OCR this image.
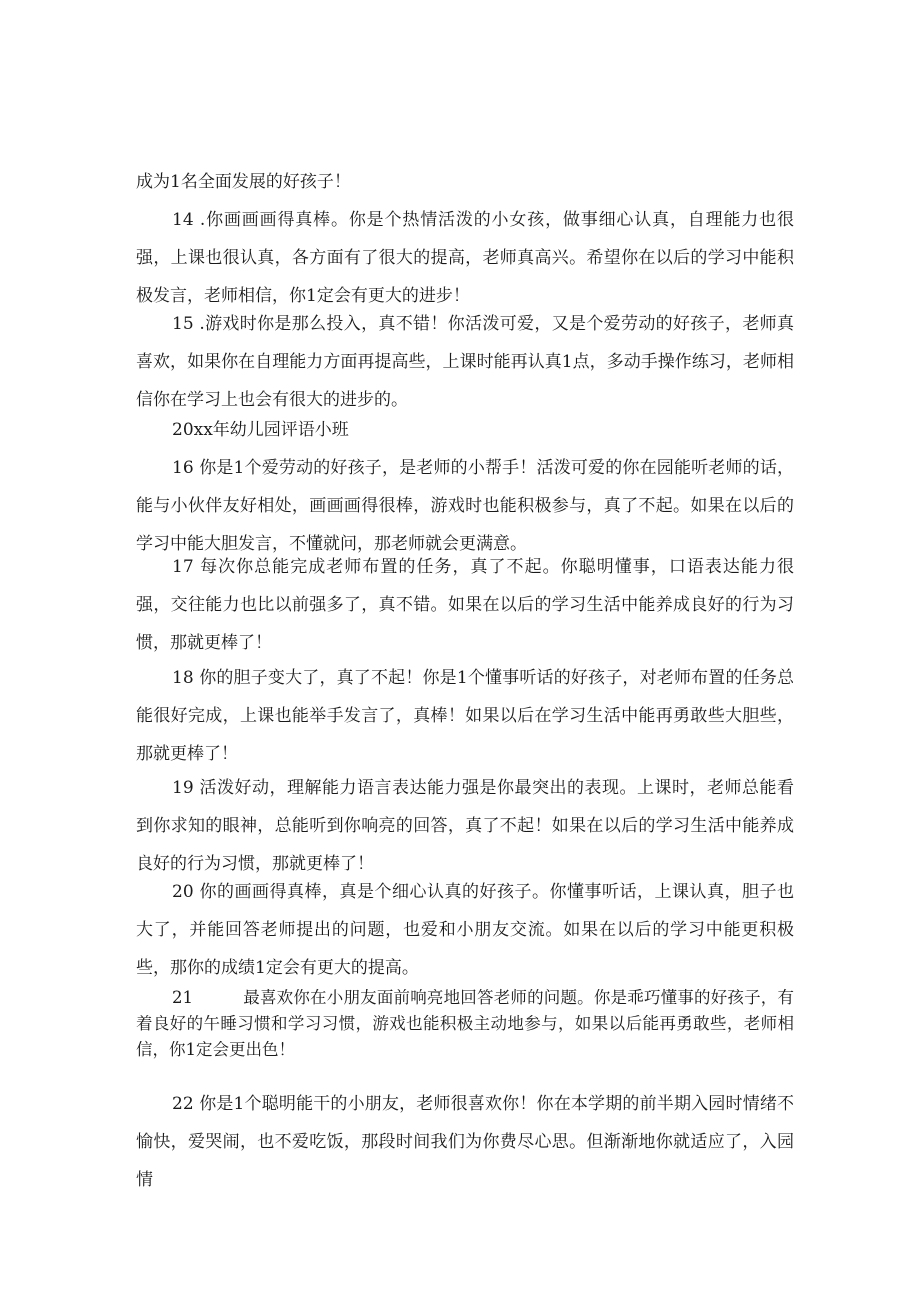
成为1名全面发展的好孩子！

14 .你画画画得真棒。你是个热情活泼的小女孩，做事细心认真，自理能力也很强，上课也很认真，各方面有了很大的提高，老师真高兴。希望你在以后的学习中能积极发言，老师相信，你1定会有更大的进步！

15 .游戏时你是那么投入，真不错！你活泼可爱，又是个爱劳动的好孩子，老师真喜欢，如果你在自理能力方面再提高些，上课时能再认真1点，多动手操作练习，老师相信你在学习上也会有很大的进步的。

20xx年幼儿园评语小班

16 你是1个爱劳动的好孩子，是老师的小帮手！活泼可爱的你在园能听老师的话，能与小伙伴友好相处，画画画得很棒，游戏时也能积极参与，真了不起。如果在以后的学习中能大胆发言，不懂就问，那老师就会更满意。

17 每次你总能完成老师布置的任务，真了不起。你聪明懂事，口语表达能力很强，交往能力也比以前强多了，真不错。如果在以后的学习生活中能养成良好的行为习惯，那就更棒了！

18 你的胆子变大了，真了不起！你是1个懂事听话的好孩子，对老师布置的任务总能很好完成，上课也能举手发言了，真棒！如果以后在学习生活中能再勇敢些大胆些，那就更棒了！

19 活泼好动，理解能力语言表达能力强是你最突出的表现。上课时，老师总能看到你求知的眼神，总能听到你响亮的回答，真了不起！如果在以后的学习生活中能养成良好的行为习惯，那就更棒了！

20 你的画画得真棒，真是个细心认真的好孩子。你懂事听话，上课认真，胆子也大了，并能回答老师提出的问题，也爱和小朋友交流。如果在以后的学习中能更积极些，那你的成绩1定会有更大的提高。

21　　　最喜欢你在小朋友面前响亮地回答老师的问题。你是乖巧懂事的好孩子，有着良好的午睡习惯和学习习惯，游戏也能积极主动地参与，如果以后能再勇敢些，老师相信，你1定会更出色！

22 你是1个聪明能干的小朋友，老师很喜欢你！你在本学期的前半期入园时情绪不愉快，爱哭闹，也不爱吃饭，那段时间我们为你费尽心思。但渐渐地你就适应了，入园情
